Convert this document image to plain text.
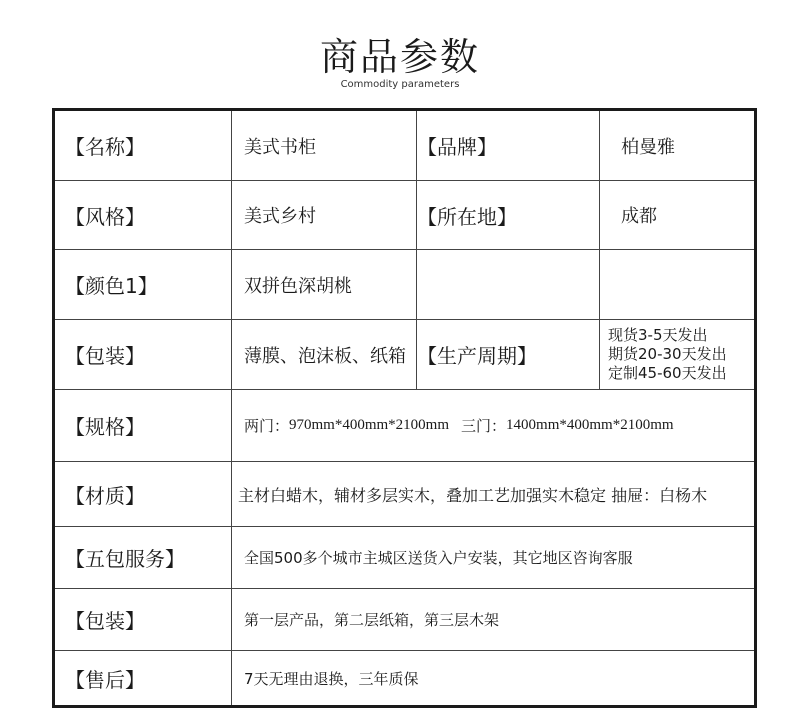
商品参数
Commodity parameters
【名称】	美式书柜	【品牌】	柏曼雅
【风格】	美式乡村	【所在地】	成都
【颜色1】	双拼色深胡桃
【包装】	薄膜、泡沫板、纸箱 【生产周期】
现货3-5天发出
期货20-30天发出
定制45-60天发出
【规格】	两门： 970mm*400mm*2100mm 三门： 1400mm*400mm*2100mm
【材质】	主材白蜡木，辅材多层实木，叠加工艺加强实木稳定 抽屉：白杨木
【五包服务】	全国500多个城市主城区送货入户安装，其它地区咨询客服
【包装】	第一层产品，第二层纸箱，第三层木架
【售后】	7天无理由退换，三年质保
